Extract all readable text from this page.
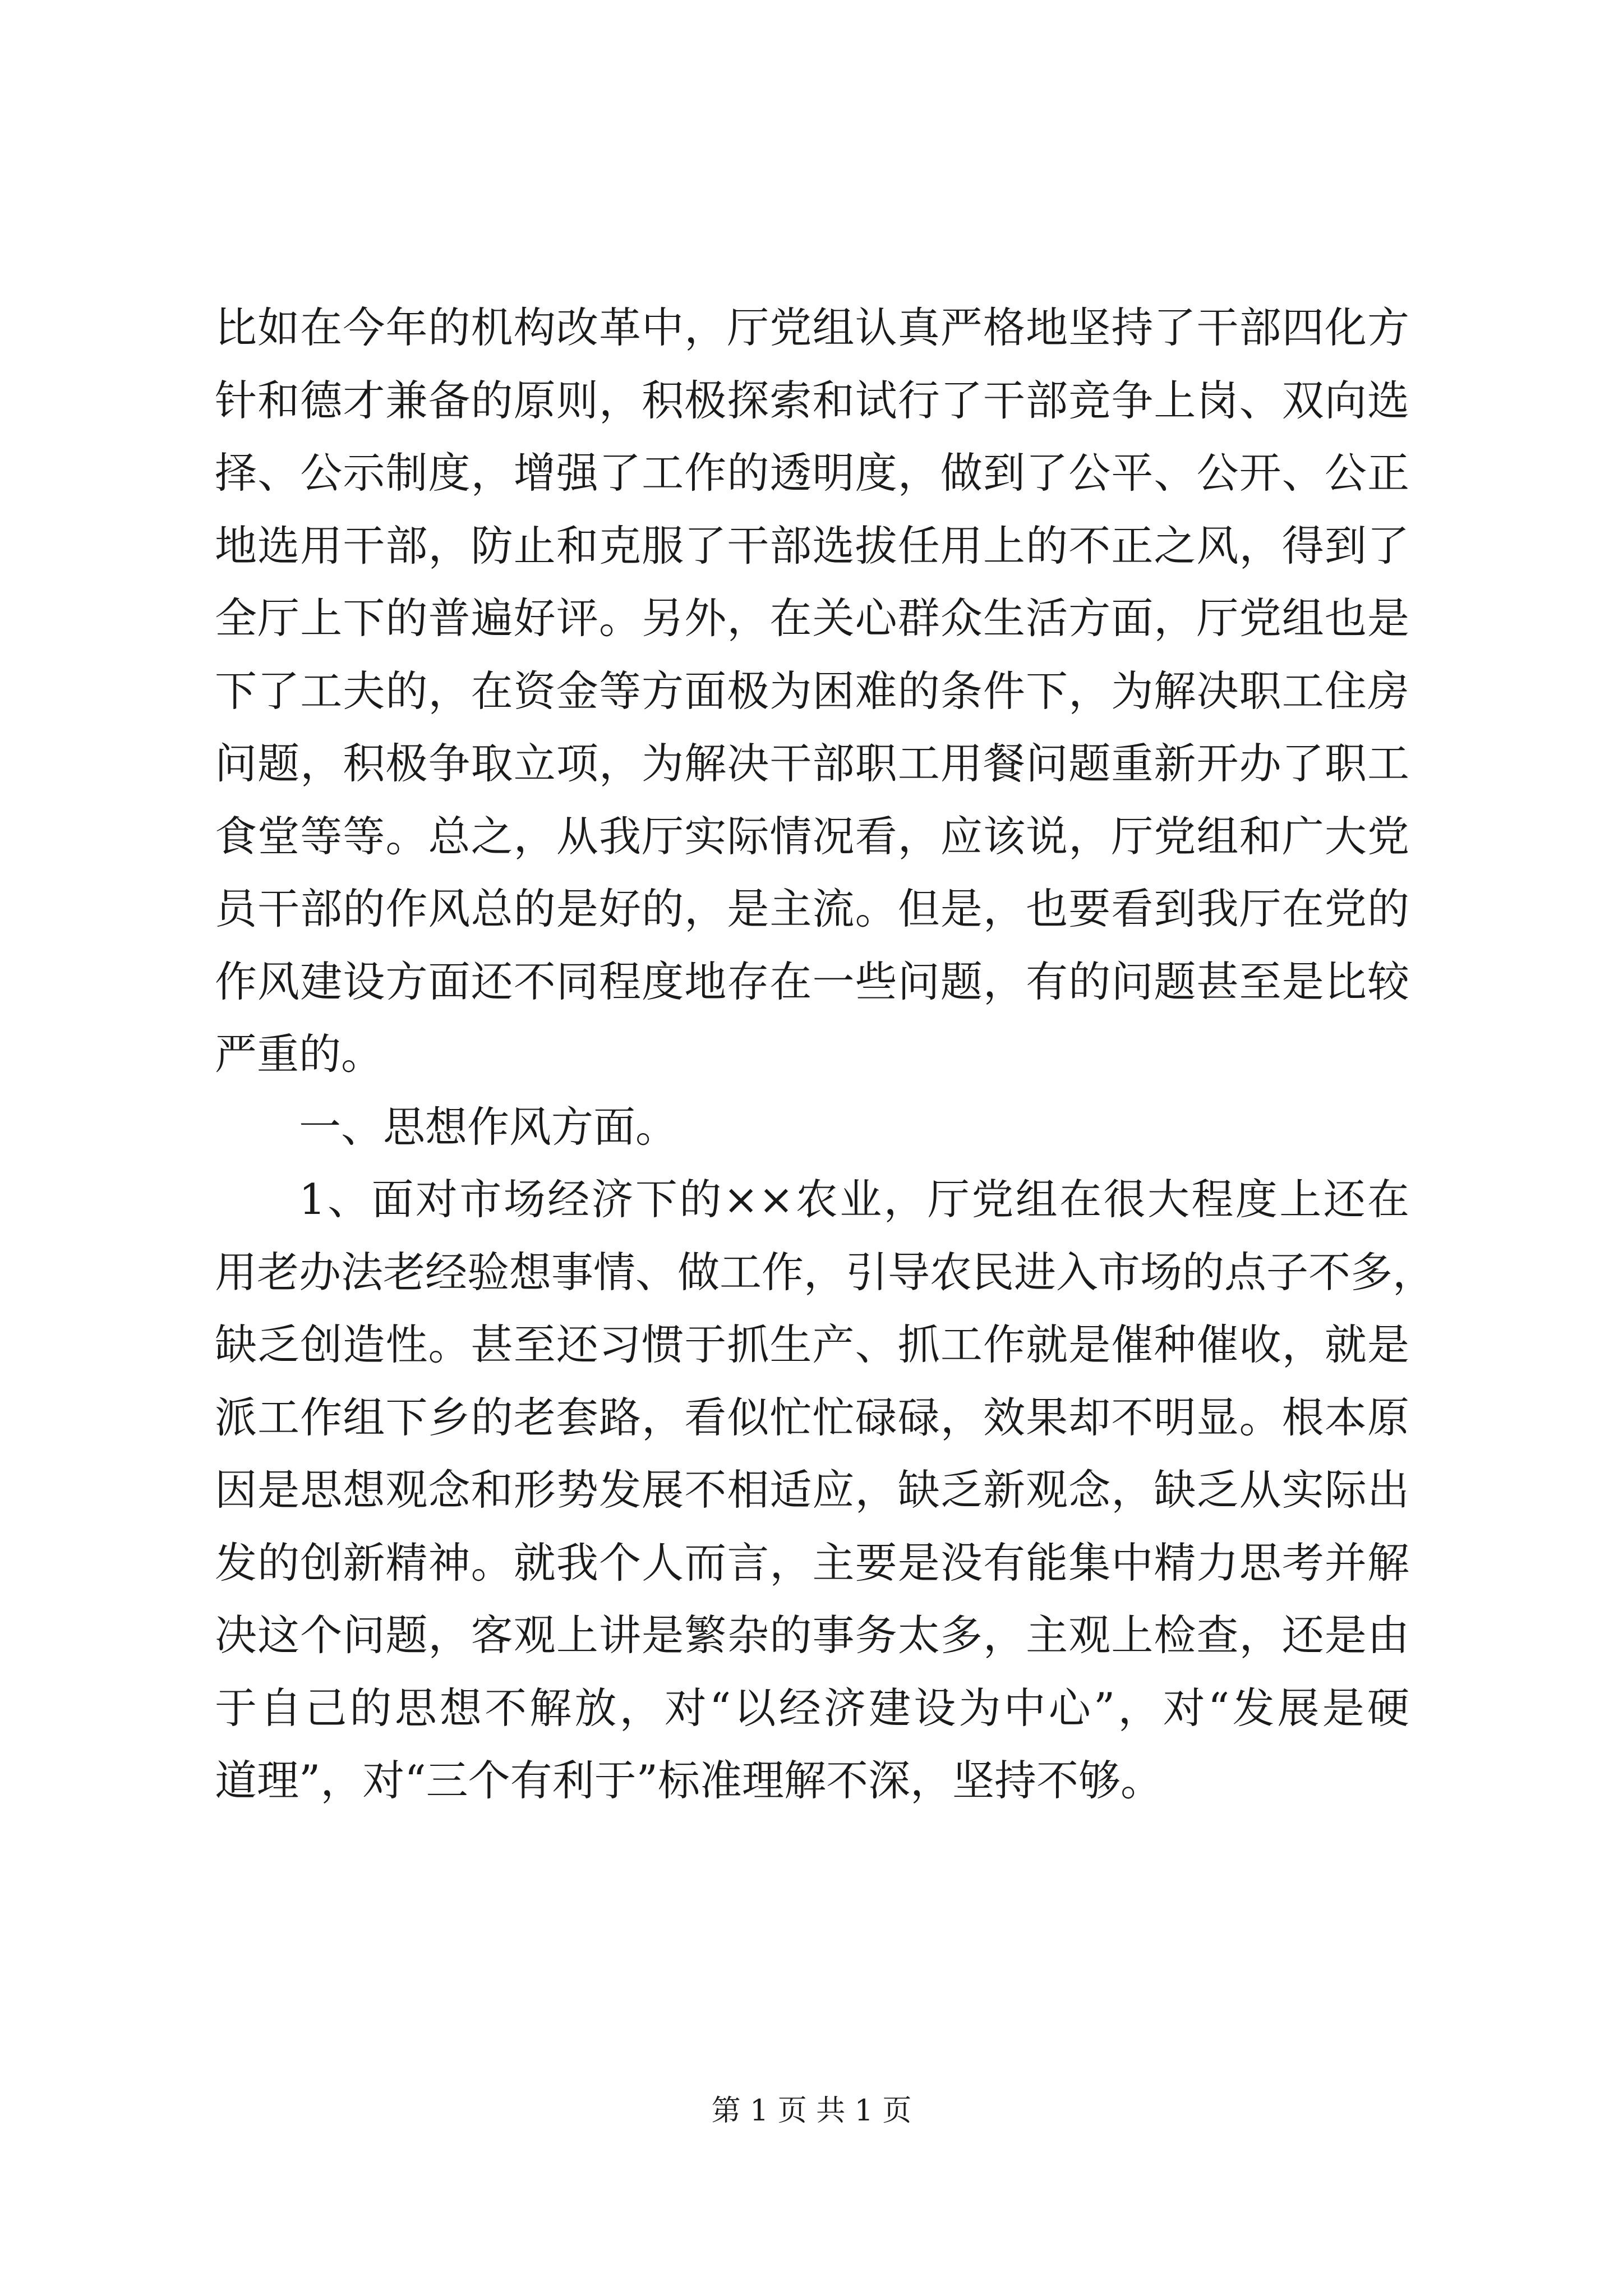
比如在今年的机构改革中，厅党组认真严格地坚持了干部四化方
针和德才兼备的原则，积极探索和试行了干部竞争上岗、双向选
择、公示制度，增强了工作的透明度，做到了公平、公开、公正
地选用干部，防止和克服了干部选拔任用上的不正之风，得到了
全厅上下的普遍好评。另外，在关心群众生活方面，厅党组也是
下了工夫的，在资金等方面极为困难的条件下，为解决职工住房
问题，积极争取立项，为解决干部职工用餐问题重新开办了职工
食堂等等。总之，从我厅实际情况看，应该说，厅党组和广大党
员干部的作风总的是好的，是主流。但是，也要看到我厅在党的
作风建设方面还不同程度地存在一些问题，有的问题甚至是比较
严重的。
一、思想作风方面。
1、面对市场经济下的××农业，厅党组在很大程度上还在
用老办法老经验想事情、做工作，引导农民进入市场的点子不多，
缺乏创造性。甚至还习惯于抓生产、抓工作就是催种催收，就是
派工作组下乡的老套路，看似忙忙碌碌，效果却不明显。根本原
因是思想观念和形势发展不相适应，缺乏新观念，缺乏从实际出
发的创新精神。就我个人而言，主要是没有能集中精力思考并解
决这个问题，客观上讲是繁杂的事务太多，主观上检查，还是由
于自己的思想不解放，对“以经济建设为中心”，对“发展是硬
道理”，对“三个有利于”标准理解不深，坚持不够。
第 1 页 共 1 页
